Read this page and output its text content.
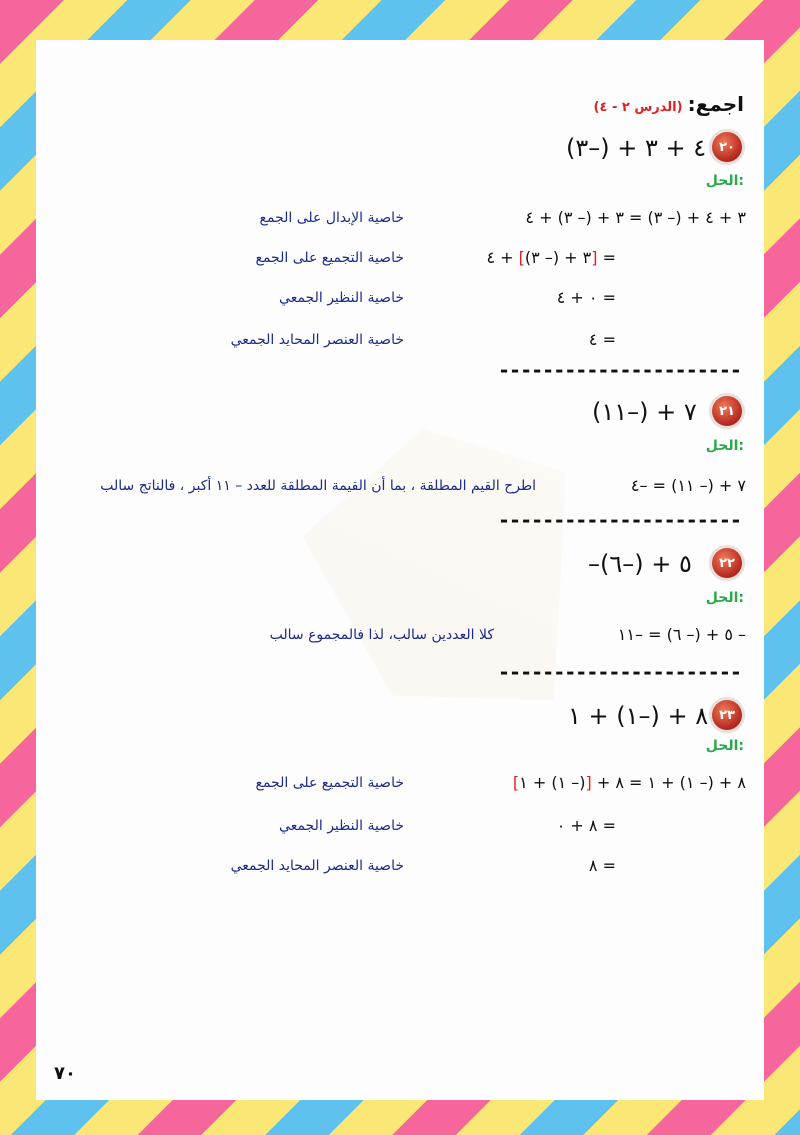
اجمع: (الدرس ٢ - ٤)
٢٠
(٣–) + ٤ + ٣
الحل:
٣ + ٤ + (– ٣) = ٣ + (– ٣) + ٤
خاصية الإبدال على الجمع
= [٣ + (– ٣)] + ٤
خاصية التجميع على الجمع
= ٠ + ٤
خاصية النظير الجمعي
= ٤
خاصية العنصر المحايد الجمعي
----------------------
٢١
(١١–) + ٧
الحل:
٧ + (– ١١) = –٤
اطرح القيم المطلقة ، بما أن القيمة المطلقة للعدد – ١١ أكبر ، فالناتج سالب
----------------------
٢٢
–٥ + (–٦)
الحل:
– ٥ + (– ٦) = –١١
كلا العددين سالب، لذا فالمجموع سالب
----------------------
٢٣
٨ + (–١) + ١
الحل:
٨ + (– ١) + ١ = ٨ + [(– ١) + ١]
خاصية التجميع على الجمع
= ٨ + ٠
خاصية النظير الجمعي
= ٨
خاصية العنصر المحايد الجمعي
٧٠
